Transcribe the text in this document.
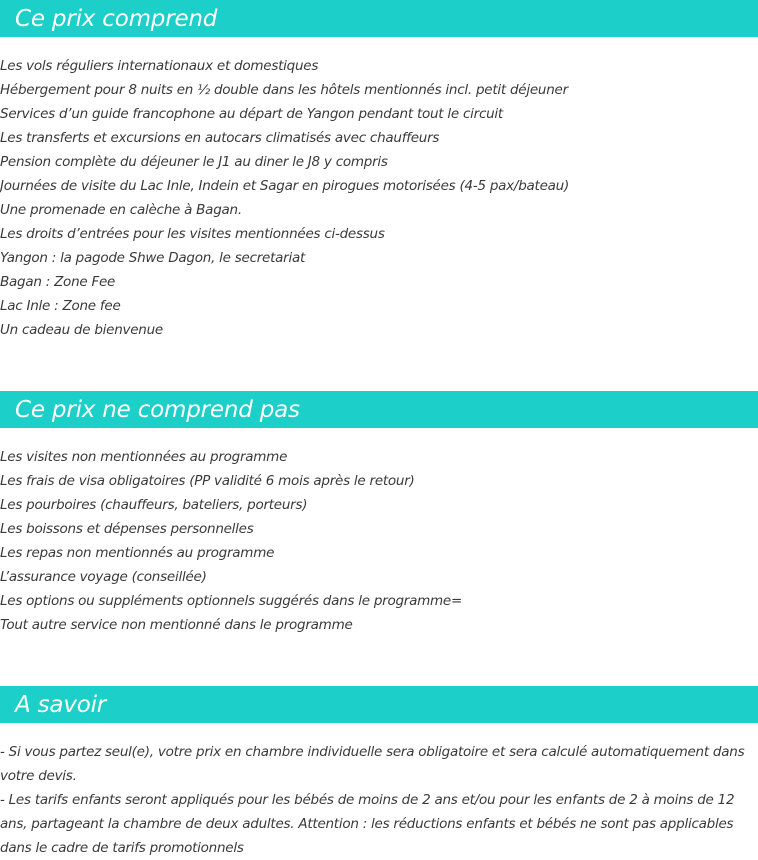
Ce prix comprend
Les vols réguliers internationaux et domestiques
Hébergement pour 8 nuits en ½ double dans les hôtels mentionnés incl. petit déjeuner
Services d’un guide francophone au départ de Yangon pendant tout le circuit
Les transferts et excursions en autocars climatisés avec chauffeurs
Pension complète du déjeuner le J1 au diner le J8 y compris
Journées de visite du Lac Inle, Indein et Sagar en pirogues motorisées (4-5 pax/bateau)
Une promenade en calèche à Bagan.
Les droits d’entrées pour les visites mentionnées ci-dessus
Yangon : la pagode Shwe Dagon, le secretariat
Bagan : Zone Fee
Lac Inle : Zone fee
Un cadeau de bienvenue
Ce prix ne comprend pas
Les visites non mentionnées au programme
Les frais de visa obligatoires (PP validité 6 mois après le retour)
Les pourboires (chauffeurs, bateliers, porteurs)
Les boissons et dépenses personnelles
Les repas non mentionnés au programme
L’assurance voyage (conseillée)
Les options ou suppléments optionnels suggérés dans le programme=
Tout autre service non mentionné dans le programme
A savoir

- Si vous partez seul(e), votre prix en chambre individuelle sera obligatoire et sera calculé automatiquement dans votre devis.

- Les tarifs enfants seront appliqués pour les bébés de moins de 2 ans et/ou pour les enfants de 2 à moins de 12 ans, partageant la chambre de deux adultes. Attention : les réductions enfants et bébés ne sont pas applicables dans le cadre de tarifs promotionnels
